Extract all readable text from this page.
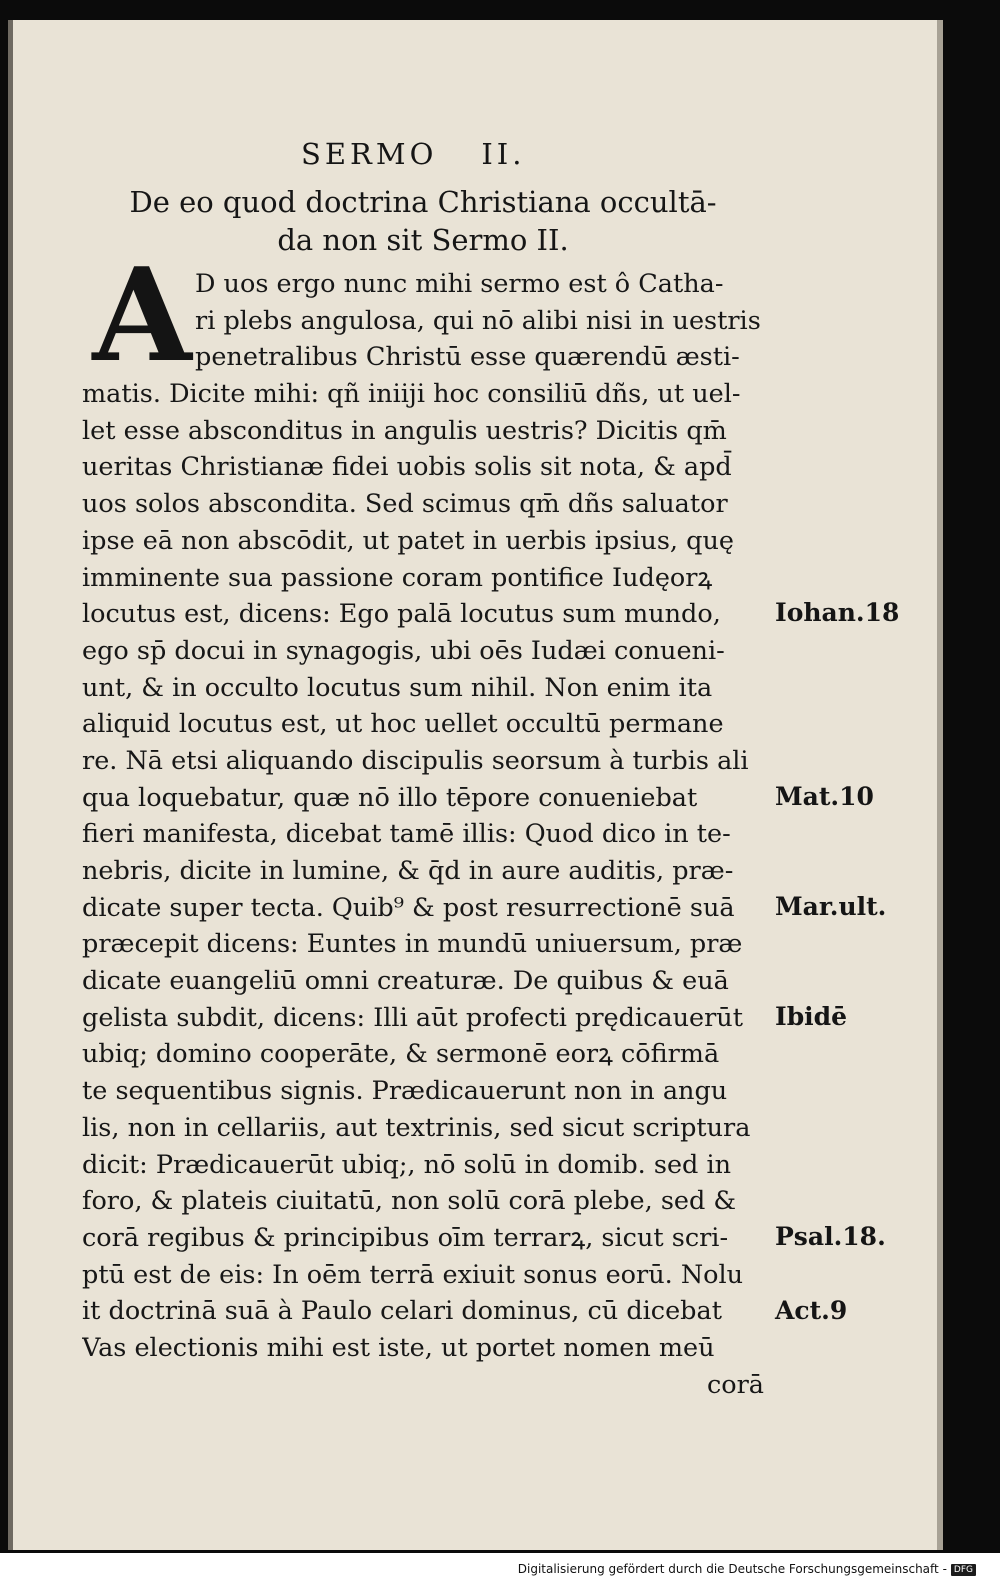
SERMO II.
De eo quod doctrina Christiana occultā-
da non sit Sermo II.
A D uos ergo nunc mihi sermo est ô Catha-
ri plebs angulosa, qui nō alibi nisi in uestris
penetralibus Christū esse quærendū æsti-
matis. Dicite mihi: qñ iniiji hoc consiliū dñs, ut uel-
let esse absconditus in angulis uestris? Dicitis qm̄
ueritas Christianæ fidei uobis solis sit nota, & apd̄
uos solos abscondita. Sed scimus qm̄ dñs saluator
ipse eā non abscōdit, ut patet in uerbis ipsius, quę
imminente sua passione coram pontifice Iudęorꝝ
locutus est, dicens: Ego palā locutus sum mundo,
ego sp̄ docui in synagogis, ubi oēs Iudæi conueni-
unt, & in occulto locutus sum nihil. Non enim ita
aliquid locutus est, ut hoc uellet occultū permane
re. Nā etsi aliquando discipulis seorsum à turbis ali
qua loquebatur, quæ nō illo tēpore conueniebat
fieri manifesta, dicebat tamē illis: Quod dico in te-
nebris, dicite in lumine, & q̄d in aure auditis, præ-
dicate super tecta. Quib⁹ & post resurrectionē suā
præcepit dicens: Euntes in mundū uniuersum, præ
dicate euangeliū omni creaturæ. De quibus & euā
gelista subdit, dicens: Illi aūt profecti prędicauerūt
ubiq; domino cooperāte, & sermonē eorꝝ cōfirmā
te sequentibus signis. Prædicauerunt non in angu
lis, non in cellariis, aut textrinis, sed sicut scriptura
dicit: Prædicauerūt ubiq;, nō solū in domib. sed in
foro, & plateis ciuitatū, non solū corā plebe, sed &
corā regibus & principibus oīm terrarꝝ, sicut scri-
ptū est de eis: In oēm terrā exiuit sonus eorū. Nolu
it doctrinā suā à Paulo celari dominus, cū dicebat
Vas electionis mihi est iste, ut portet nomen meū
corā
Iohan.18
Mat.10
Mar.ult.
Ibidē
Psal.18.
Act.9
Digitalisierung gefördert durch die Deutsche Forschungsgemeinschaft - DFG
